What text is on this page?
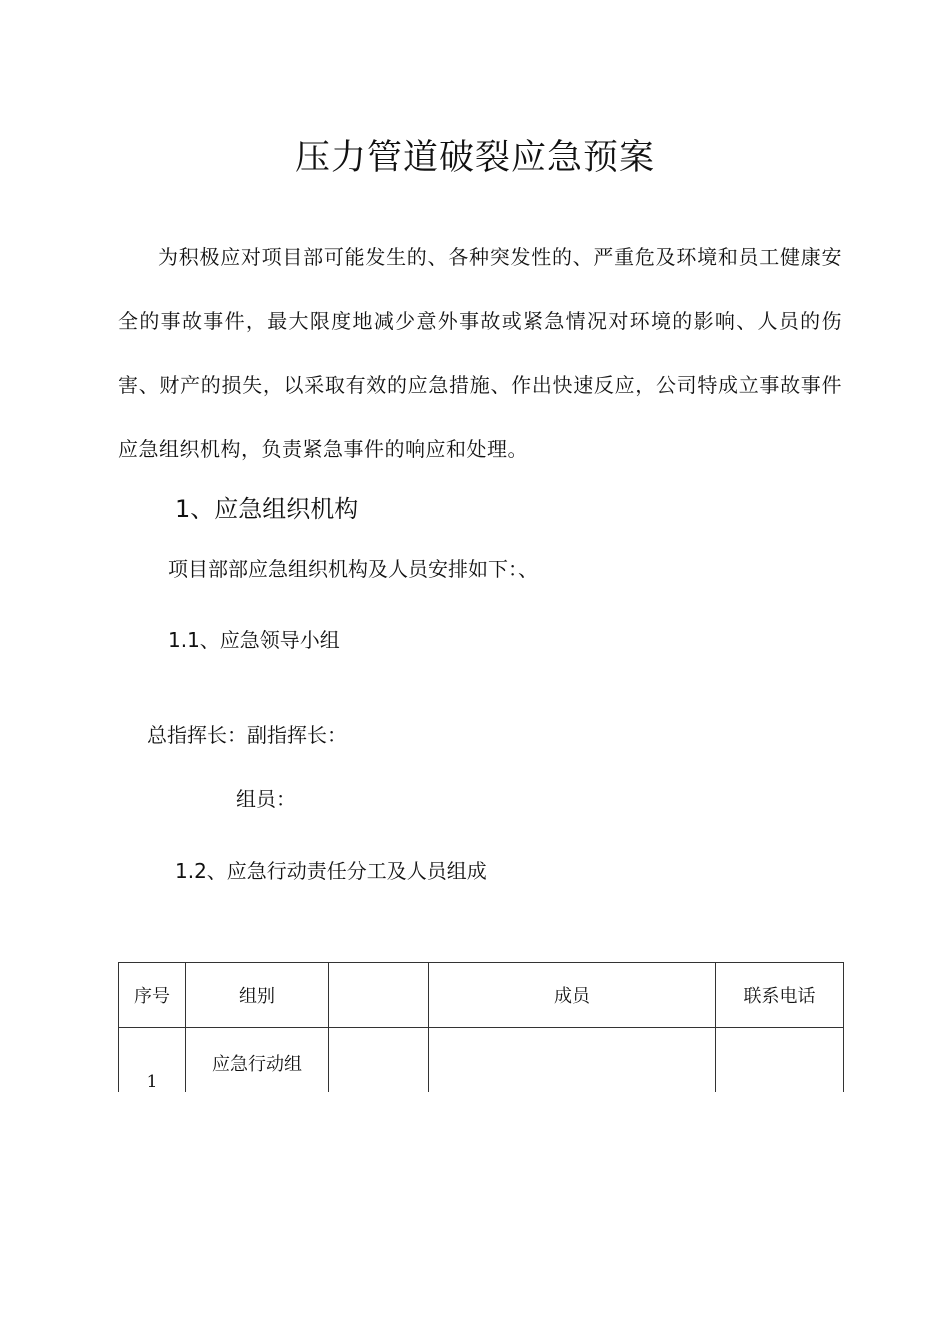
压力管道破裂应急预案
为积极应对项目部可能发生的、各种突发性的、严重危及环境和员工健康安全的事故事件，最大限度地减少意外事故或紧急情况对环境的影响、人员的伤害、财产的损失，以采取有效的应急措施、作出快速反应，公司特成立事故事件应急组织机构，负责紧急事件的响应和处理。
1、应急组织机构
项目部部应急组织机构及人员安排如下：、
1.1、应急领导小组
总指挥长：副指挥长：
组员：
1.2、应急行动责任分工及人员组成
序号	组别		成员	联系电话

1	应急行动组			
